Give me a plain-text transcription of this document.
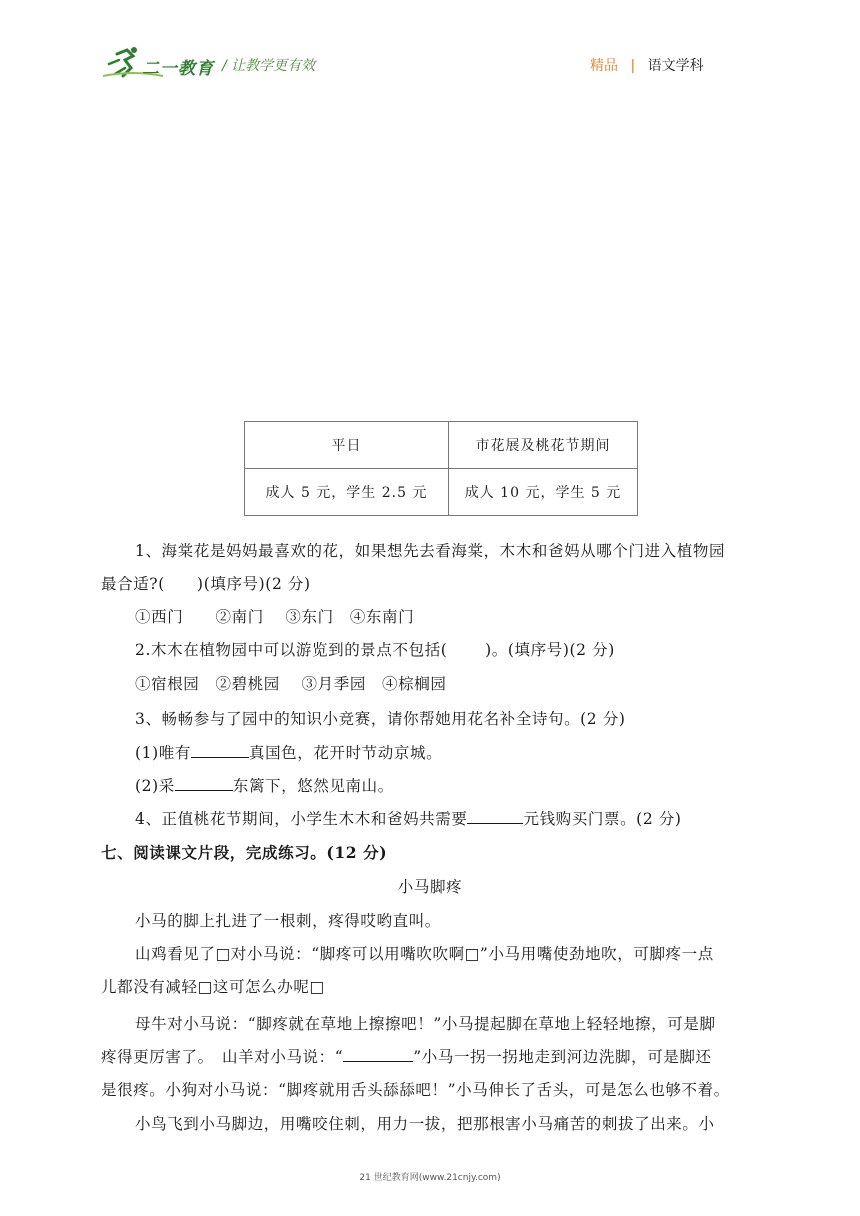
二一教育 / 让教学更有效	精品 | 语文学科
平日	市花展及桃花节期间
成人 5 元，学生 2.5 元	成人 10 元，学生 5 元
1、海棠花是妈妈最喜欢的花，如果想先去看海棠，木木和爸妈从哪个门进入植物园
最合适?(　　)(填序号)(2 分)
①西门　　②南门　 ③东门　④东南门
2.木木在植物园中可以游览到的景点不包括(　　 )。(填序号)(2 分)
①宿根园　②碧桃园　 ③月季园　④棕榈园
3、畅畅参与了园中的知识小竞赛，请你帮她用花名补全诗句。(2 分)
(1)唯有	真国色，花开时节动京城。
(2)采	东篱下，悠然见南山。
4、正值桃花节期间，小学生木木和爸妈共需要	元钱购买门票。(2 分)
七、阅读课文片段，完成练习。(12 分)
小马脚疼
小马的脚上扎进了一根刺，疼得哎哟直叫。
山鸡看见了□对小马说：“脚疼可以用嘴吹吹啊□”小马用嘴使劲地吹，可脚疼一点
儿都没有减轻□这可怎么办呢□
母牛对小马说：“脚疼就在草地上擦擦吧！”小马提起脚在草地上轻轻地擦，可是脚
疼得更厉害了。　山羊对小马说：“	”小马一拐一拐地走到河边洗脚，可是脚还
是很疼。小狗对小马说：“脚疼就用舌头舔舔吧！”小马伸长了舌头，可是怎么也够不着。
小鸟飞到小马脚边，用嘴咬住刺，用力一拔，把那根害小马痛苦的刺拔了出来。小
21 世纪教育网(www.21cnjy.com)
